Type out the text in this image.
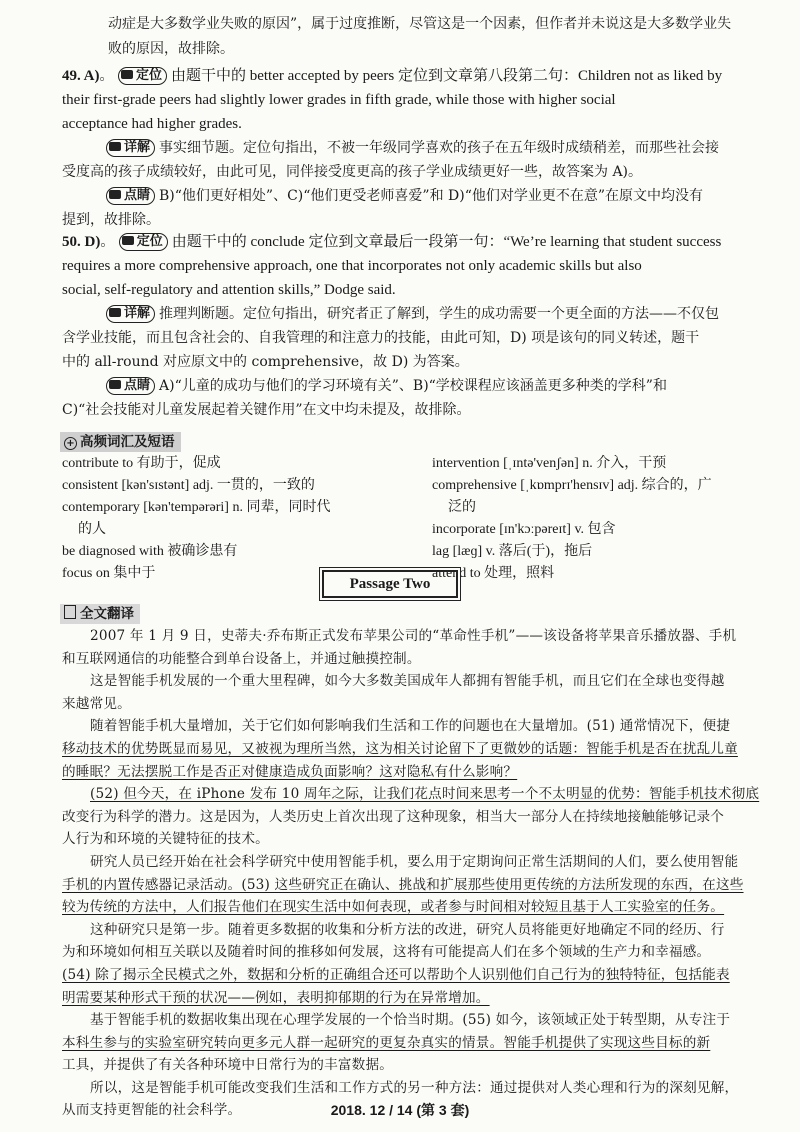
动症是大多数学业失败的原因”，属于过度推断，尽管这是一个因素，但作者并未说这是大多数学业失
败的原因，故排除。
49. A)。 定位 由题干中的 better accepted by peers 定位到文章第八段第二句：Children not as liked by
their first-grade peers had slightly lower grades in fifth grade, while those with higher social
acceptance had higher grades.
详解 事实细节题。定位句指出，不被一年级同学喜欢的孩子在五年级时成绩稍差，而那些社会接
受度高的孩子成绩较好，由此可见，同伴接受度更高的孩子学业成绩更好一些，故答案为 A)。
点睛 B)“他们更好相处”、C)“他们更受老师喜爱”和 D)“他们对学业更不在意”在原文中均没有
提到，故排除。
50. D)。 定位 由题干中的 conclude 定位到文章最后一段第一句：“We’re learning that student success
requires a more comprehensive approach, one that incorporates not only academic skills but also
social, self-regulatory and attention skills,” Dodge said.
详解 推理判断题。定位句指出，研究者正了解到，学生的成功需要一个更全面的方法——不仅包
含学业技能，而且包含社会的、自我管理的和注意力的技能，由此可知，D) 项是该句的同义转述，题干
中的 all-round 对应原文中的 comprehensive，故 D) 为答案。
点睛 A)“儿童的成功与他们的学习环境有关”、B)“学校课程应该涵盖更多种类的学科”和
C)“社会技能对儿童发展起着关键作用”在文中均未提及，故排除。
+ 高频词汇及短语
contribute to 有助于，促成
consistent [kən'sɪstənt] adj. 一贯的，一致的
contemporary [kən'tempərəri] n. 同辈，同时代
的人
be diagnosed with 被确诊患有
focus on 集中于
intervention [ˌɪntə'venʃən] n. 介入，干预
comprehensive [ˌkɒmprɪ'hensɪv] adj. 综合的，广
泛的
incorporate [ɪn'kɔːpəreɪt] v. 包含
lag [læɡ] v. 落后(于)，拖后
attend to 处理，照料
Passage Two
全文翻译
2007 年 1 月 9 日，史蒂夫·乔布斯正式发布苹果公司的“革命性手机”——该设备将苹果音乐播放器、手机
和互联网通信的功能整合到单台设备上，并通过触摸控制。
这是智能手机发展的一个重大里程碑，如今大多数美国成年人都拥有智能手机，而且它们在全球也变得越
来越常见。
随着智能手机大量增加，关于它们如何影响我们生活和工作的问题也在大量增加。(51) 通常情况下，便捷
移动技术的优势既显而易见，又被视为理所当然，这为相关讨论留下了更微妙的话题：智能手机是否在扰乱儿童
的睡眠？无法摆脱工作是否正对健康造成负面影响？这对隐私有什么影响？
(52) 但今天，在 iPhone 发布 10 周年之际，让我们花点时间来思考一个不太明显的优势：智能手机技术彻底
改变行为科学的潜力。这是因为，人类历史上首次出现了这种现象，相当大一部分人在持续地接触能够记录个
人行为和环境的关键特征的技术。
研究人员已经开始在社会科学研究中使用智能手机，要么用于定期询问正常生活期间的人们，要么使用智能
手机的内置传感器记录活动。(53) 这些研究正在确认、挑战和扩展那些使用更传统的方法所发现的东西，在这些
较为传统的方法中，人们报告他们在现实生活中如何表现，或者参与时间相对较短且基于人工实验室的任务。
这种研究只是第一步。随着更多数据的收集和分析方法的改进，研究人员将能更好地确定不同的经历、行
为和环境如何相互关联以及随着时间的推移如何发展，这将有可能提高人们在多个领域的生产力和幸福感。
(54) 除了揭示全民模式之外，数据和分析的正确组合还可以帮助个人识别他们自己行为的独特特征，包括能表
明需要某种形式干预的状况——例如，表明抑郁期的行为在异常增加。
基于智能手机的数据收集出现在心理学发展的一个恰当时期。(55) 如今，该领域正处于转型期，从专注于
本科生参与的实验室研究转向更多元人群一起研究的更复杂真实的情景。智能手机提供了实现这些目标的新
工具，并提供了有关各种环境中日常行为的丰富数据。
所以，这是智能手机可能改变我们生活和工作方式的另一种方法：通过提供对人类心理和行为的深刻见解，
从而支持更智能的社会科学。	2018. 12 / 14 (第 3 套)
